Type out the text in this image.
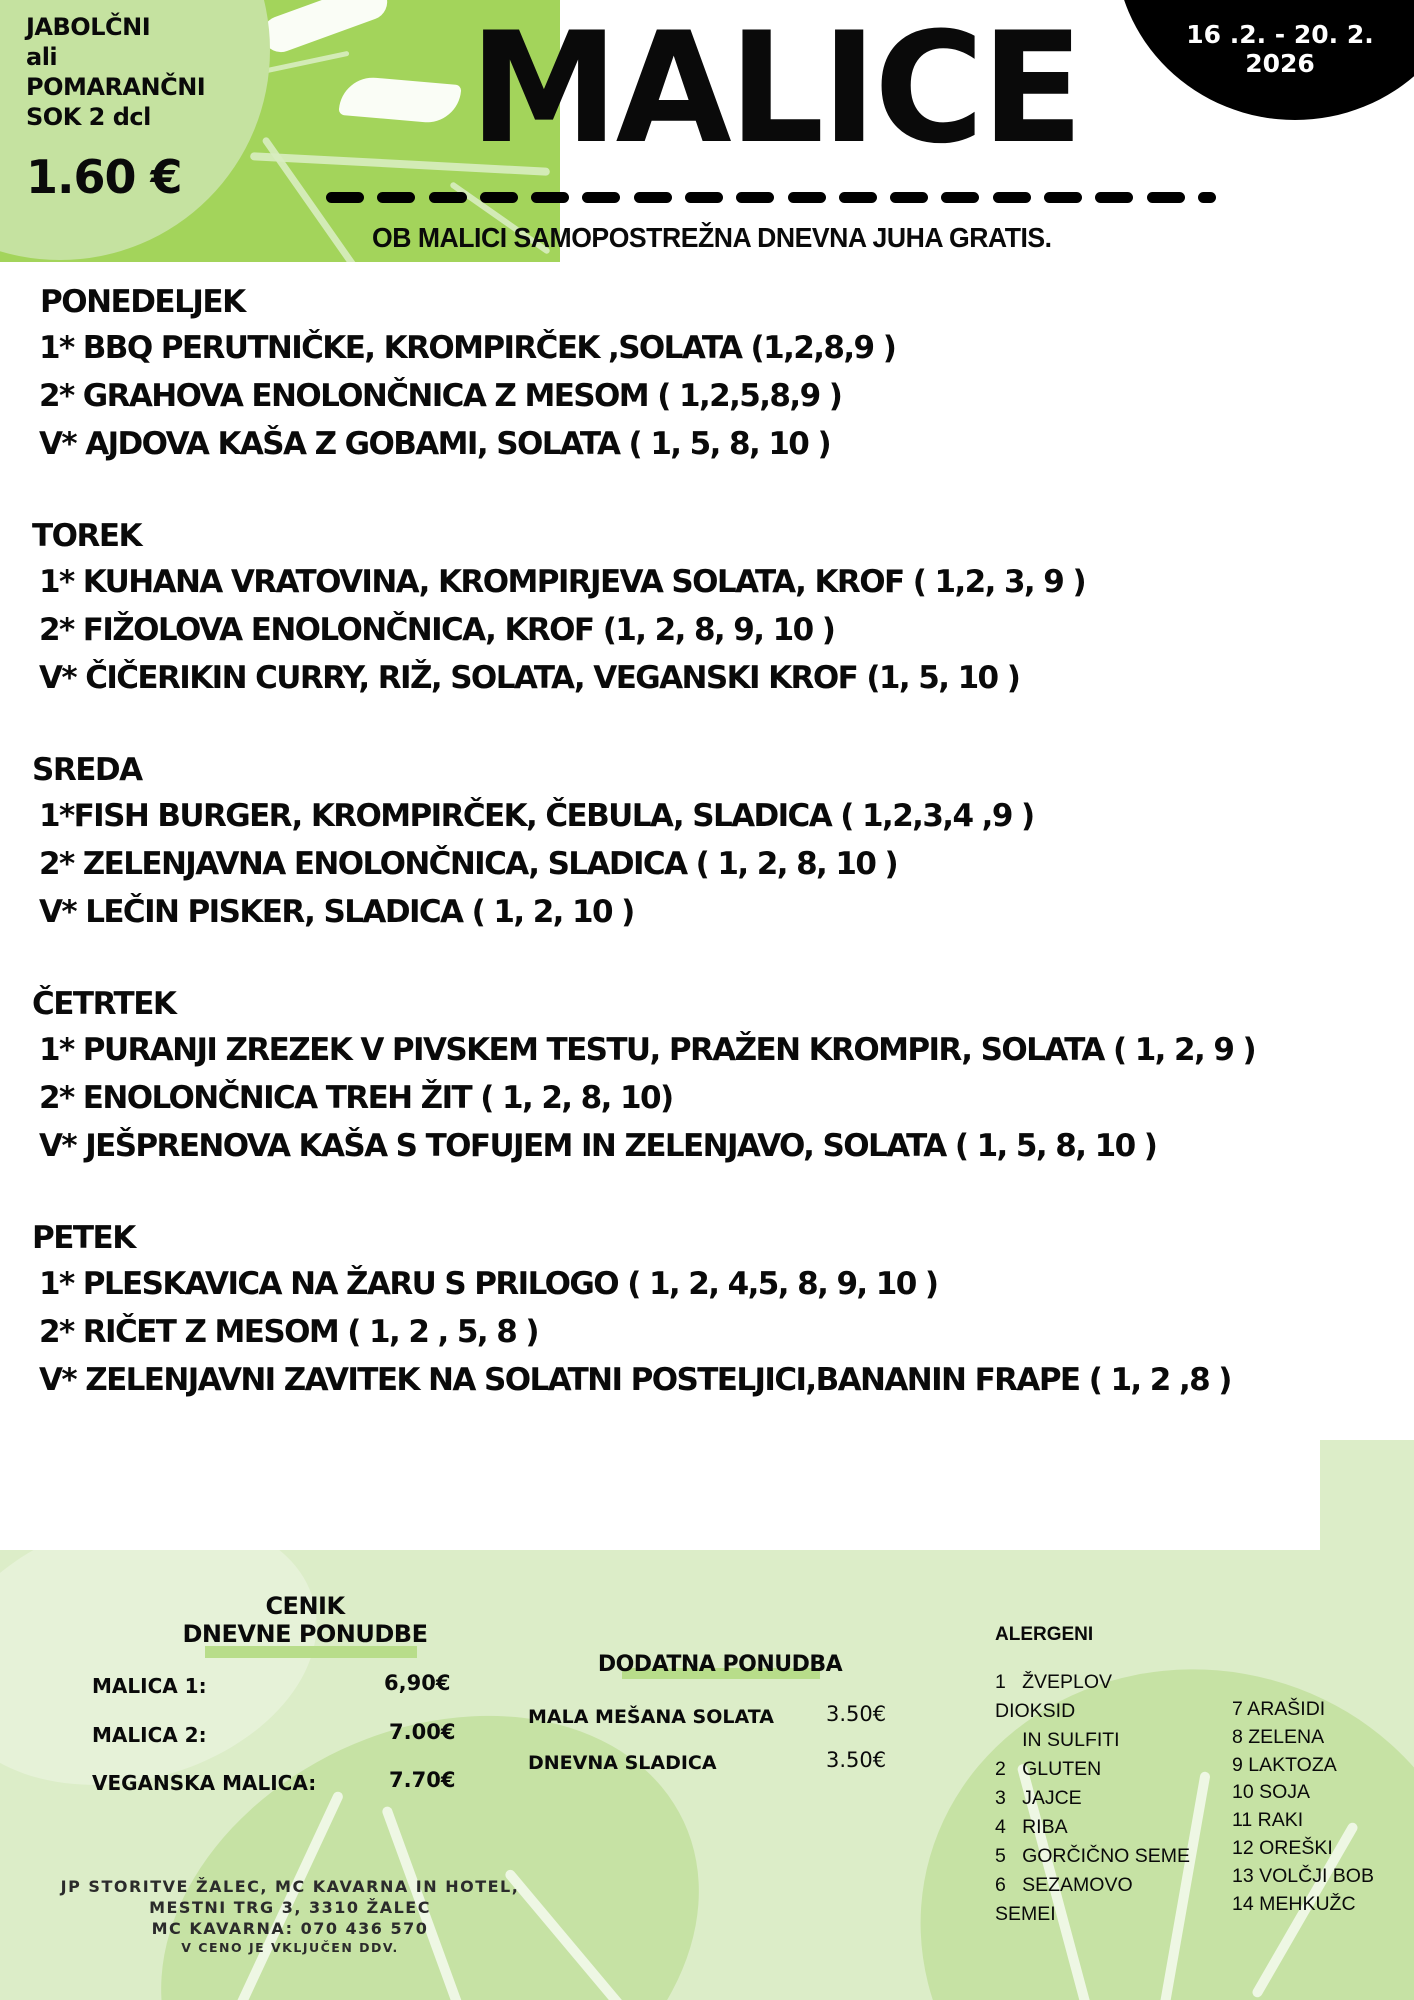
16 .2. - 20. 2. 2026
JABOLČNI
ali
POMARANČNI
SOK 2 dcl
1.60 €	MALICE
OB MALICI SAMOPOSTREŽNA DNEVNA JUHA GRATIS.
PONEDELJEK
1* BBQ PERUTNIČKE, KROMPIRČEK ,SOLATA (1,2,8,9 )
2* GRAHOVA ENOLONČNICA Z MESOM ( 1,2,5,8,9 )
V* AJDOVA KAŠA Z GOBAMI, SOLATA ( 1, 5, 8, 10 )
TOREK
1* KUHANA VRATOVINA, KROMPIRJEVA SOLATA, KROF ( 1,2, 3, 9 )
2* FIŽOLOVA ENOLONČNICA, KROF (1, 2, 8, 9, 10 )
V* ČIČERIKIN CURRY, RIŽ, SOLATA, VEGANSKI KROF (1, 5, 10 )
SREDA
1*FISH BURGER, KROMPIRČEK, ČEBULA, SLADICA ( 1,2,3,4 ,9 )
2* ZELENJAVNA ENOLONČNICA, SLADICA ( 1, 2, 8, 10 )
V* LEČIN PISKER, SLADICA ( 1, 2, 10 )
ČETRTEK
1* PURANJI ZREZEK V PIVSKEM TESTU, PRAŽEN KROMPIR, SOLATA ( 1, 2, 9 )
2* ENOLONČNICA TREH ŽIT ( 1, 2, 8, 10)
V* JEŠPRENOVA KAŠA S TOFUJEM IN ZELENJAVO, SOLATA ( 1, 5, 8, 10 )
PETEK
1* PLESKAVICA NA ŽARU S PRILOGO ( 1, 2, 4,5, 8, 9, 10 )
2* RIČET Z MESOM ( 1, 2 , 5, 8 )
V* ZELENJAVNI ZAVITEK NA SOLATNI POSTELJICI,BANANIN FRAPE ( 1, 2 ,8 )
CENIK
DNEVNE PONUDBE
MALICA 1:	6,90€
MALICA 2:	7.00€
VEGANSKA MALICA:	7.70€
DODATNA PONUDBA
MALA MEŠANA SOLATA 3.50€
DNEVNA SLADICA	3.50€
ALERGENI
1   ŽVEPLOV
DIOKSID
IN SULFITI
2   GLUTEN
3   JAJCE
4   RIBA
5   GORČIČNO SEME
6   SEZAMOVO
SEMEI
7 ARAŠIDI
8 ZELENA
9 LAKTOZA
10 SOJA
11 RAKI
12 OREŠKI
13 VOLČJI BOB
14 MEHKUŽC
JP STORITVE ŽALEC, MC KAVARNA IN HOTEL,
MESTNI TRG 3, 3310 ŽALEC
MC KAVARNA: 070 436 570
V CENO JE VKLJUČEN DDV.
